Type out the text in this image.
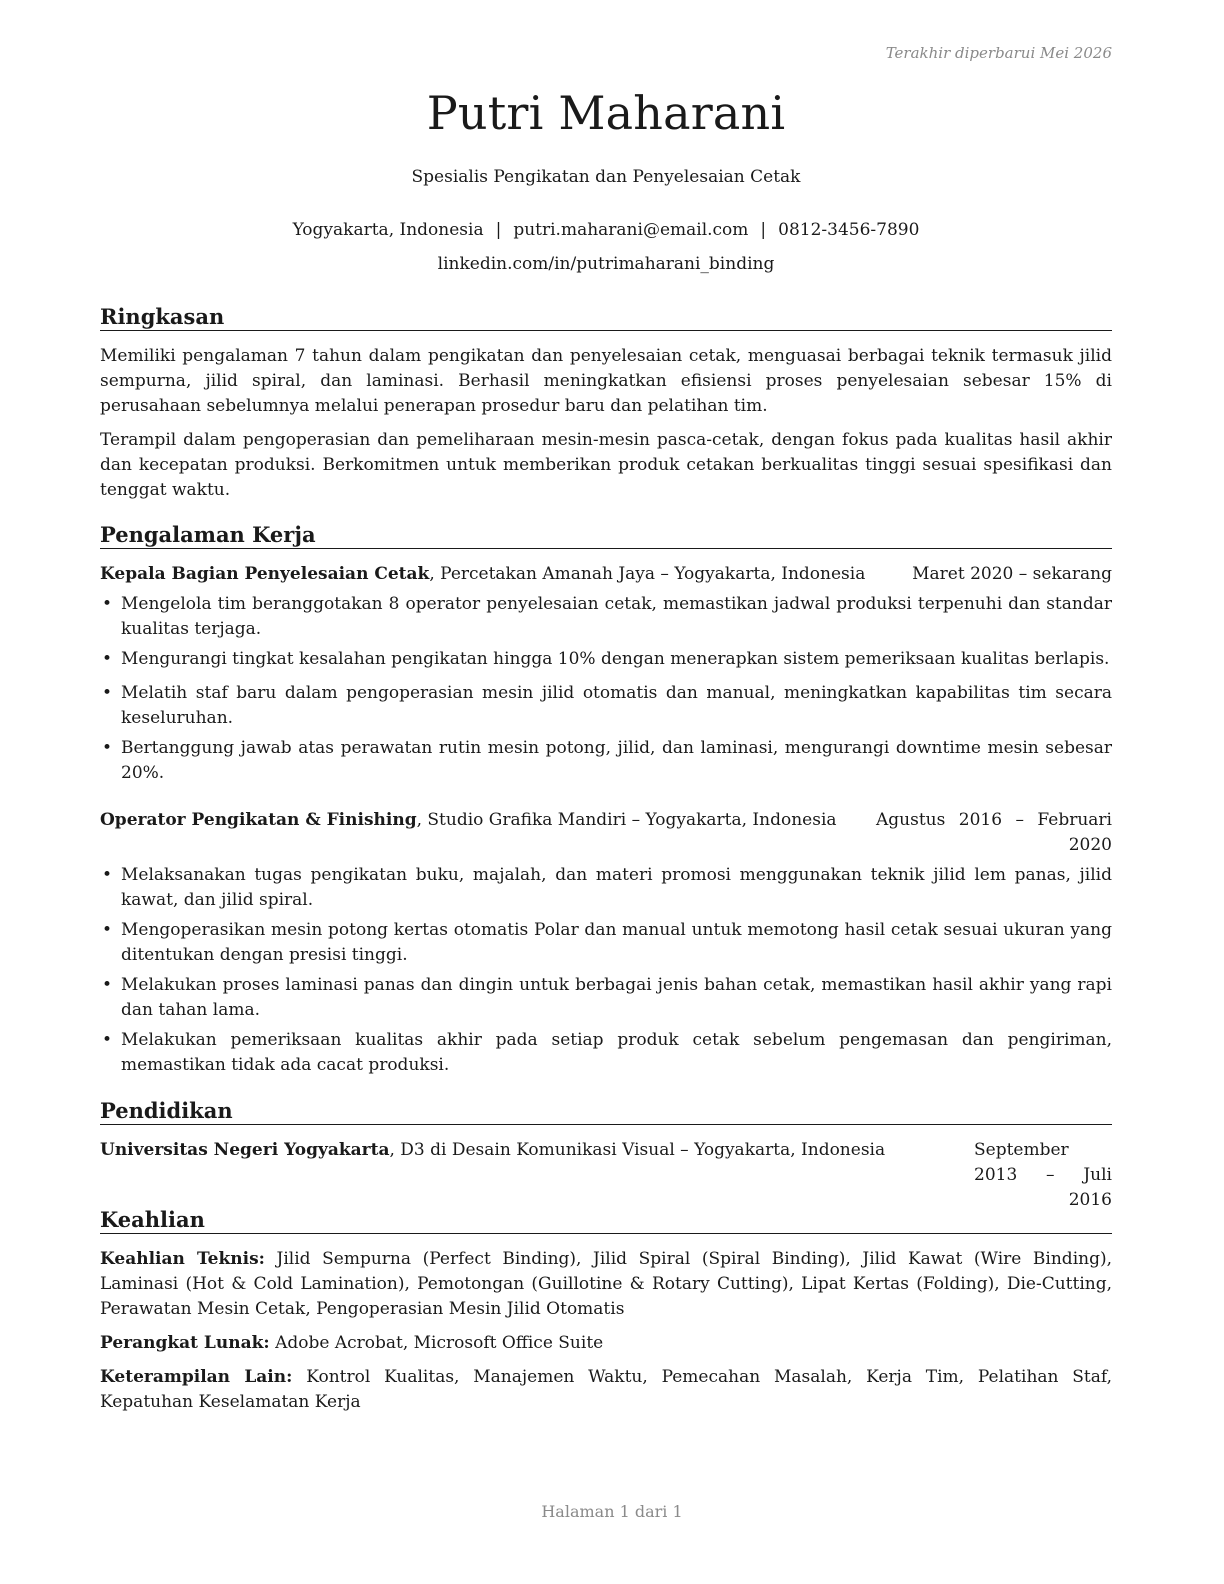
Terakhir diperbarui Mei 2026
Putri Maharani
Spesialis Pengikatan dan Penyelesaian Cetak
Yogyakarta, Indonesia | putri.maharani@email.com | 0812-3456-7890
linkedin.com/in/putrimaharani_binding
Ringkasan

Memiliki pengalaman 7 tahun dalam pengikatan dan penyelesaian cetak, menguasai berbagai teknik termasuk jilid sempurna, jilid spiral, dan laminasi. Berhasil meningkatkan efisiensi proses penyelesaian sebesar 15% di perusahaan sebelumnya melalui penerapan prosedur baru dan pelatihan tim.

Terampil dalam pengoperasian dan pemeliharaan mesin-mesin pasca-cetak, dengan fokus pada kualitas hasil akhir dan kecepatan produksi. Berkomitmen untuk memberikan produk cetakan berkualitas tinggi sesuai spesifikasi dan tenggat waktu.

Pengalaman Kerja
Kepala Bagian Penyelesaian Cetak, Percetakan Amanah Jaya – Yogyakarta, Indonesia	Maret 2020 – sekarang
• Mengelola tim beranggotakan 8 operator penyelesaian cetak, memastikan jadwal produksi terpenuhi dan standar kualitas terjaga.
• Mengurangi tingkat kesalahan pengikatan hingga 10% dengan menerapkan sistem pemeriksaan kualitas berlapis.
• Melatih staf baru dalam pengoperasian mesin jilid otomatis dan manual, meningkatkan kapabilitas tim secara keseluruhan.
• Bertanggung jawab atas perawatan rutin mesin potong, jilid, dan laminasi, mengurangi downtime mesin sebesar 20%.
Operator Pengikatan & Finishing, Studio Grafika Mandiri – Yogyakarta, Indonesia Agustus 2016 – Februari 2020
• Melaksanakan tugas pengikatan buku, majalah, dan materi promosi menggunakan teknik jilid lem panas, jilid kawat, dan jilid spiral.
• Mengoperasikan mesin potong kertas otomatis Polar dan manual untuk memotong hasil cetak sesuai ukuran yang ditentukan dengan presisi tinggi.
• Melakukan proses laminasi panas dan dingin untuk berbagai jenis bahan cetak, memastikan hasil akhir yang rapi dan tahan lama.
• Melakukan pemeriksaan kualitas akhir pada setiap produk cetak sebelum pengemasan dan pengiriman, memastikan tidak ada cacat produksi.
Pendidikan
Universitas Negeri Yogyakarta, D3 di Desain Komunikasi Visual – Yogyakarta, Indonesia	September 2013 – Juli 2016
Keahlian

Keahlian Teknis: Jilid Sempurna (Perfect Binding), Jilid Spiral (Spiral Binding), Jilid Kawat (Wire Binding), Laminasi (Hot & Cold Lamination), Pemotongan (Guillotine & Rotary Cutting), Lipat Kertas (Folding), Die-Cutting, Perawatan Mesin Cetak, Pengoperasian Mesin Jilid Otomatis

Perangkat Lunak: Adobe Acrobat, Microsoft Office Suite

Keterampilan Lain: Kontrol Kualitas, Manajemen Waktu, Pemecahan Masalah, Kerja Tim, Pelatihan Staf, Kepatuhan Keselamatan Kerja

Halaman 1 dari 1
